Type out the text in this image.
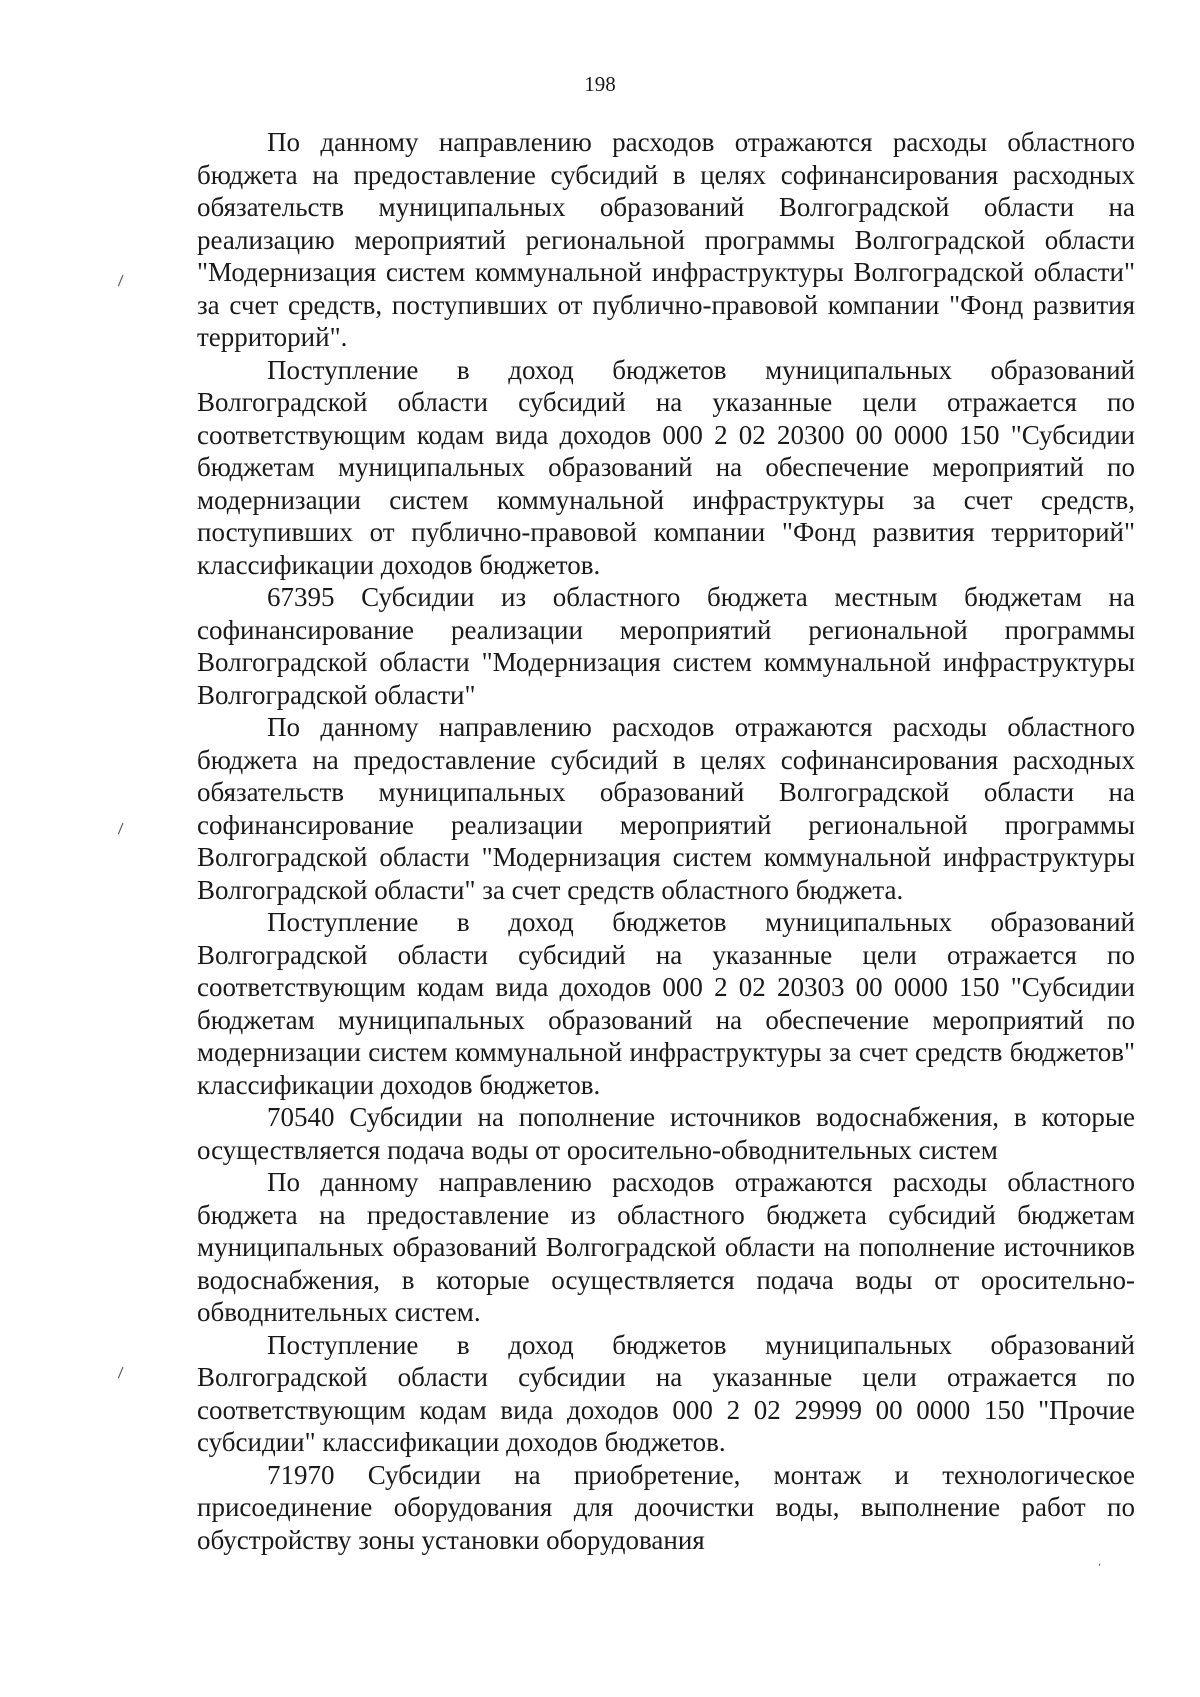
198
\
\
\
,

По данному направлению расходов отражаются расходы областного бюджета на предоставление субсидий в целях софинансирования расходных обязательств муниципальных образований Волгоградской области на реализацию мероприятий региональной программы Волгоградской области "Модернизация систем коммунальной инфраструктуры Волгоградской области" за счет средств, поступивших от публично-правовой компании "Фонд развития территорий".

Поступление в доход бюджетов муниципальных образований Волгоградской области субсидий на указанные цели отражается по соответствующим кодам вида доходов 000 2 02 20300 00 0000 150 "Субсидии бюджетам муниципальных образований на обеспечение мероприятий по модернизации систем коммунальной инфраструктуры за счет средств, поступивших от публично-правовой компании "Фонд развития территорий" классификации доходов бюджетов.

67395 Субсидии из областного бюджета местным бюджетам на софинансирование реализации мероприятий региональной программы Волгоградской области "Модернизация систем коммунальной инфраструктуры Волгоградской области"

По данному направлению расходов отражаются расходы областного бюджета на предоставление субсидий в целях софинансирования расходных обязательств муниципальных образований Волгоградской области на софинансирование реализации мероприятий региональной программы Волгоградской области "Модернизация систем коммунальной инфраструктуры Волгоградской области" за счет средств областного бюджета.

Поступление в доход бюджетов муниципальных образований Волгоградской области субсидий на указанные цели отражается по соответствующим кодам вида доходов 000 2 02 20303 00 0000 150 "Субсидии бюджетам муниципальных образований на обеспечение мероприятий по модернизации систем коммунальной инфраструктуры за счет средств бюджетов" классификации доходов бюджетов.

70540 Субсидии на пополнение источников водоснабжения, в которые осуществляется подача воды от оросительно-обводнительных систем

По данному направлению расходов отражаются расходы областного бюджета на предоставление из областного бюджета субсидий бюджетам муниципальных образований Волгоградской области на пополнение источников водоснабжения, в которые осуществляется подача воды от оросительно-обводнительных систем.

Поступление в доход бюджетов муниципальных образований Волгоградской области субсидии на указанные цели отражается по соответствующим кодам вида доходов 000 2 02 29999 00 0000 150 "Прочие субсидии" классификации доходов бюджетов.

71970 Субсидии на приобретение, монтаж и технологическое присоединение оборудования для доочистки воды, выполнение работ по обустройству зоны установки оборудования
